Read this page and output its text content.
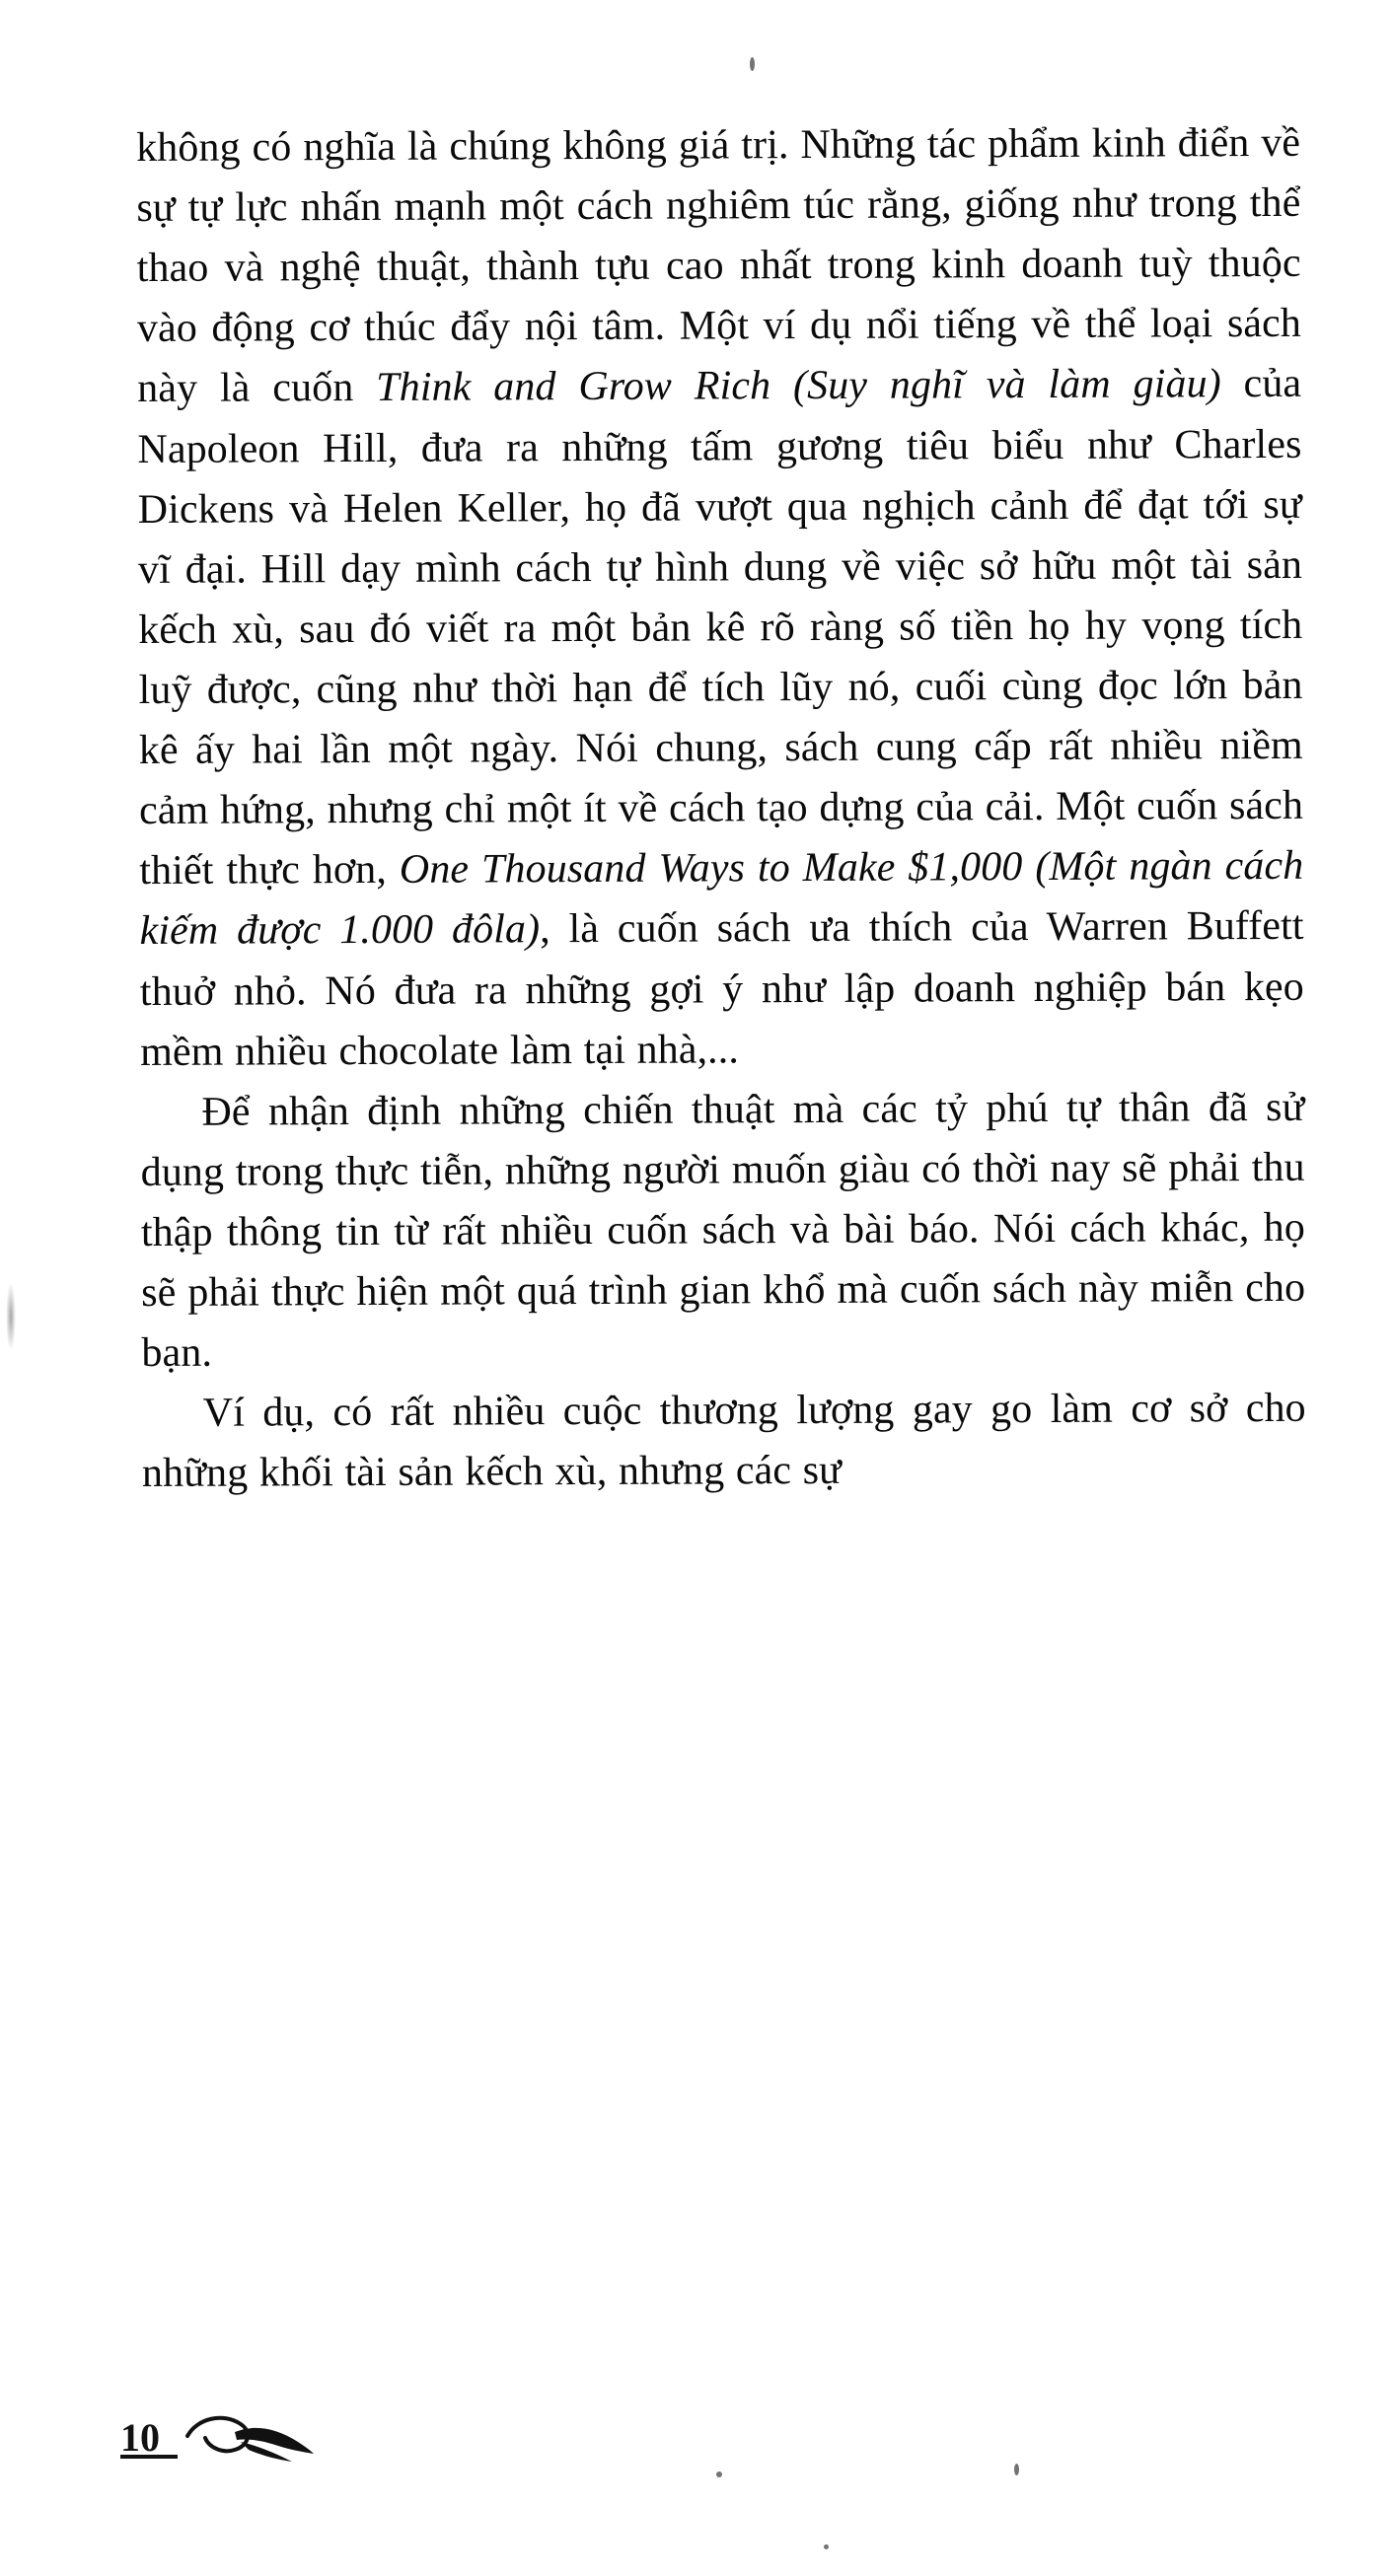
không có nghĩa là chúng không giá trị. Những tác phẩm kinh điển về sự tự lực nhấn mạnh một cách nghiêm túc rằng, giống như trong thể thao và nghệ thuật, thành tựu cao nhất trong kinh doanh tuỳ thuộc vào động cơ thúc đẩy nội tâm. Một ví dụ nổi tiếng về thể loại sách này là cuốn Think and Grow Rich (Suy nghĩ và làm giàu) của Napoleon Hill, đưa ra những tấm gương tiêu biểu như Charles Dickens và Helen Keller, họ đã vượt qua nghịch cảnh để đạt tới sự vĩ đại. Hill dạy mình cách tự hình dung về việc sở hữu một tài sản kếch xù, sau đó viết ra một bản kê rõ ràng số tiền họ hy vọng tích luỹ được, cũng như thời hạn để tích lũy nó, cuối cùng đọc lớn bản kê ấy hai lần một ngày. Nói chung, sách cung cấp rất nhiều niềm cảm hứng, nhưng chỉ một ít về cách tạo dựng của cải. Một cuốn sách thiết thực hơn, One Thousand Ways to Make $1,000 (Một ngàn cách kiếm được 1.000 đôla), là cuốn sách ưa thích của Warren Buffett thuở nhỏ. Nó đưa ra những gợi ý như lập doanh nghiệp bán kẹo mềm nhiều chocolate làm tại nhà,...

Để nhận định những chiến thuật mà các tỷ phú tự thân đã sử dụng trong thực tiễn, những người muốn giàu có thời nay sẽ phải thu thập thông tin từ rất nhiều cuốn sách và bài báo. Nói cách khác, họ sẽ phải thực hiện một quá trình gian khổ mà cuốn sách này miễn cho bạn.

Ví dụ, có rất nhiều cuộc thương lượng gay go làm cơ sở cho những khối tài sản kếch xù, nhưng các sự

10
